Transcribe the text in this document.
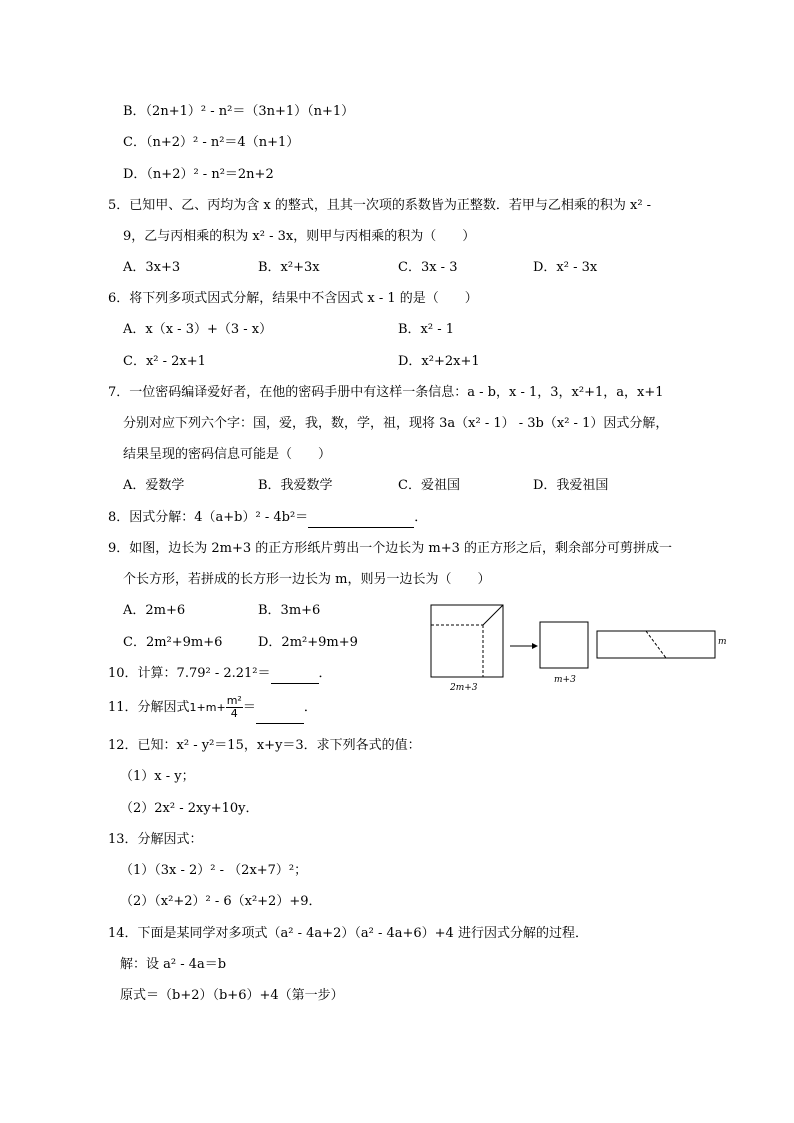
B．（2n+1）² - n²＝（3n+1）（n+1）
C．（n+2）² - n²＝4（n+1）
D．（n+2）² - n²＝2n+2
5．已知甲、乙、丙均为含 x 的整式，且其一次项的系数皆为正整数．若甲与乙相乘的积为 x² -
9，乙与丙相乘的积为 x² - 3x，则甲与丙相乘的积为（　　）
A．3x+3	B．x²+3x	C．3x - 3	D．x² - 3x
6．将下列多项式因式分解，结果中不含因式 x - 1 的是（　　）
A．x（x - 3）+（3 - x）	B．x² - 1
C．x² - 2x+1	D．x²+2x+1
7．一位密码编译爱好者，在他的密码手册中有这样一条信息：a - b，x - 1，3，x²+1，a，x+1
分别对应下列六个字：国，爱，我，数，学，祖，现将 3a（x² - 1） - 3b（x² - 1）因式分解，
结果呈现的密码信息可能是（　　）
A．爱数学	B．我爱数学	C．爱祖国	D．我爱祖国
8．因式分解：4（a+b）² - 4b²＝	．
9．如图，边长为 2m+3 的正方形纸片剪出一个边长为 m+3 的正方形之后，剩余部分可剪拼成一
个长方形，若拼成的长方形一边长为 m，则另一边长为（　　）
A．2m+6	B．3m+6
C．2m²+9m+6	D．2m²+9m+9
2m+3
m+3
m
10．计算：7.79² - 2.21²＝	．
11．分解因式$1+m+ \frac{\text{m²}}{4}$ ＝	．
12．已知：x² - y²＝15，x+y＝3．求下列各式的值：
（1）x - y；
（2）2x² - 2xy+10y．
13．分解因式：
（1）（3x - 2）² - （2x+7）²；
（2）（x²+2）² - 6（x²+2）+9．
14．下面是某同学对多项式（a² - 4a+2）（a² - 4a+6）+4 进行因式分解的过程．
解：设 a² - 4a＝b
原式＝（b+2）（b+6）+4（第一步）
